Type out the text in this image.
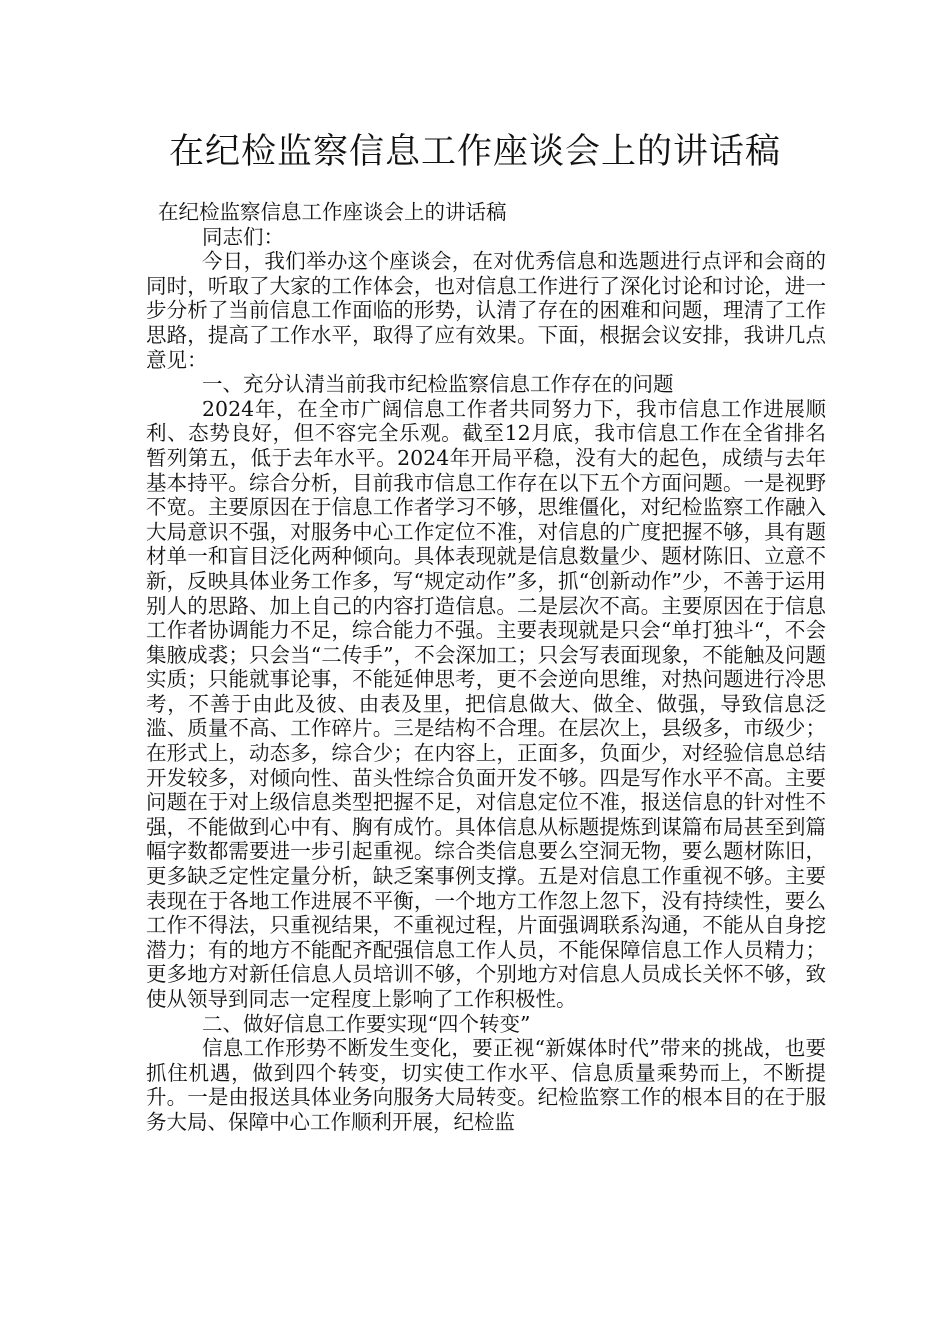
在纪检监察信息工作座谈会上的讲话稿

在纪检监察信息工作座谈会上的讲话稿

同志们：

今日，我们举办这个座谈会，在对优秀信息和选题进行点评和会商的同时，听取了大家的工作体会，也对信息工作进行了深化讨论和讨论，进一步分析了当前信息工作面临的形势，认清了存在的困难和问题，理清了工作思路，提高了工作水平，取得了应有效果。下面，根据会议安排，我讲几点意见：

一、充分认清当前我市纪检监察信息工作存在的问题

2024年，在全市广阔信息工作者共同努力下，我市信息工作进展顺利、态势良好，但不容完全乐观。截至12月底，我市信息工作在全省排名暂列第五，低于去年水平。2024年开局平稳，没有大的起色，成绩与去年基本持平。综合分析，目前我市信息工作存在以下五个方面问题。一是视野不宽。主要原因在于信息工作者学习不够，思维僵化，对纪检监察工作融入大局意识不强，对服务中心工作定位不准，对信息的广度把握不够，具有题材单一和盲目泛化两种倾向。具体表现就是信息数量少、题材陈旧、立意不新，反映具体业务工作多，写“规定动作”多，抓“创新动作”少，不善于运用别人的思路、加上自己的内容打造信息。二是层次不高。主要原因在于信息工作者协调能力不足，综合能力不强。主要表现就是只会“单打独斗“，不会集腋成裘；只会当“二传手”，不会深加工；只会写表面现象，不能触及问题实质；只能就事论事，不能延伸思考，更不会逆向思维，对热问题进行冷思考，不善于由此及彼、由表及里，把信息做大、做全、做强，导致信息泛滥、质量不高、工作碎片。三是结构不合理。在层次上，县级多，市级少；在形式上，动态多，综合少；在内容上，正面多，负面少，对经验信息总结开发较多，对倾向性、苗头性综合负面开发不够。四是写作水平不高。主要问题在于对上级信息类型把握不足，对信息定位不准，报送信息的针对性不强，不能做到心中有、胸有成竹。具体信息从标题提炼到谋篇布局甚至到篇幅字数都需要进一步引起重视。综合类信息要么空洞无物，要么题材陈旧，更多缺乏定性定量分析，缺乏案事例支撑。五是对信息工作重视不够。主要表现在于各地工作进展不平衡，一个地方工作忽上忽下，没有持续性，要么工作不得法，只重视结果，不重视过程，片面强调联系沟通，不能从自身挖潜力；有的地方不能配齐配强信息工作人员，不能保障信息工作人员精力；更多地方对新任信息人员培训不够，个别地方对信息人员成长关怀不够，致使从领导到同志一定程度上影响了工作积极性。

二、做好信息工作要实现“四个转变”

信息工作形势不断发生变化，要正视“新媒体时代”带来的挑战，也要抓住机遇，做到四个转变，切实使工作水平、信息质量乘势而上，不断提升。一是由报送具体业务向服务大局转变。纪检监察工作的根本目的在于服务大局、保障中心工作顺利开展，纪检监
